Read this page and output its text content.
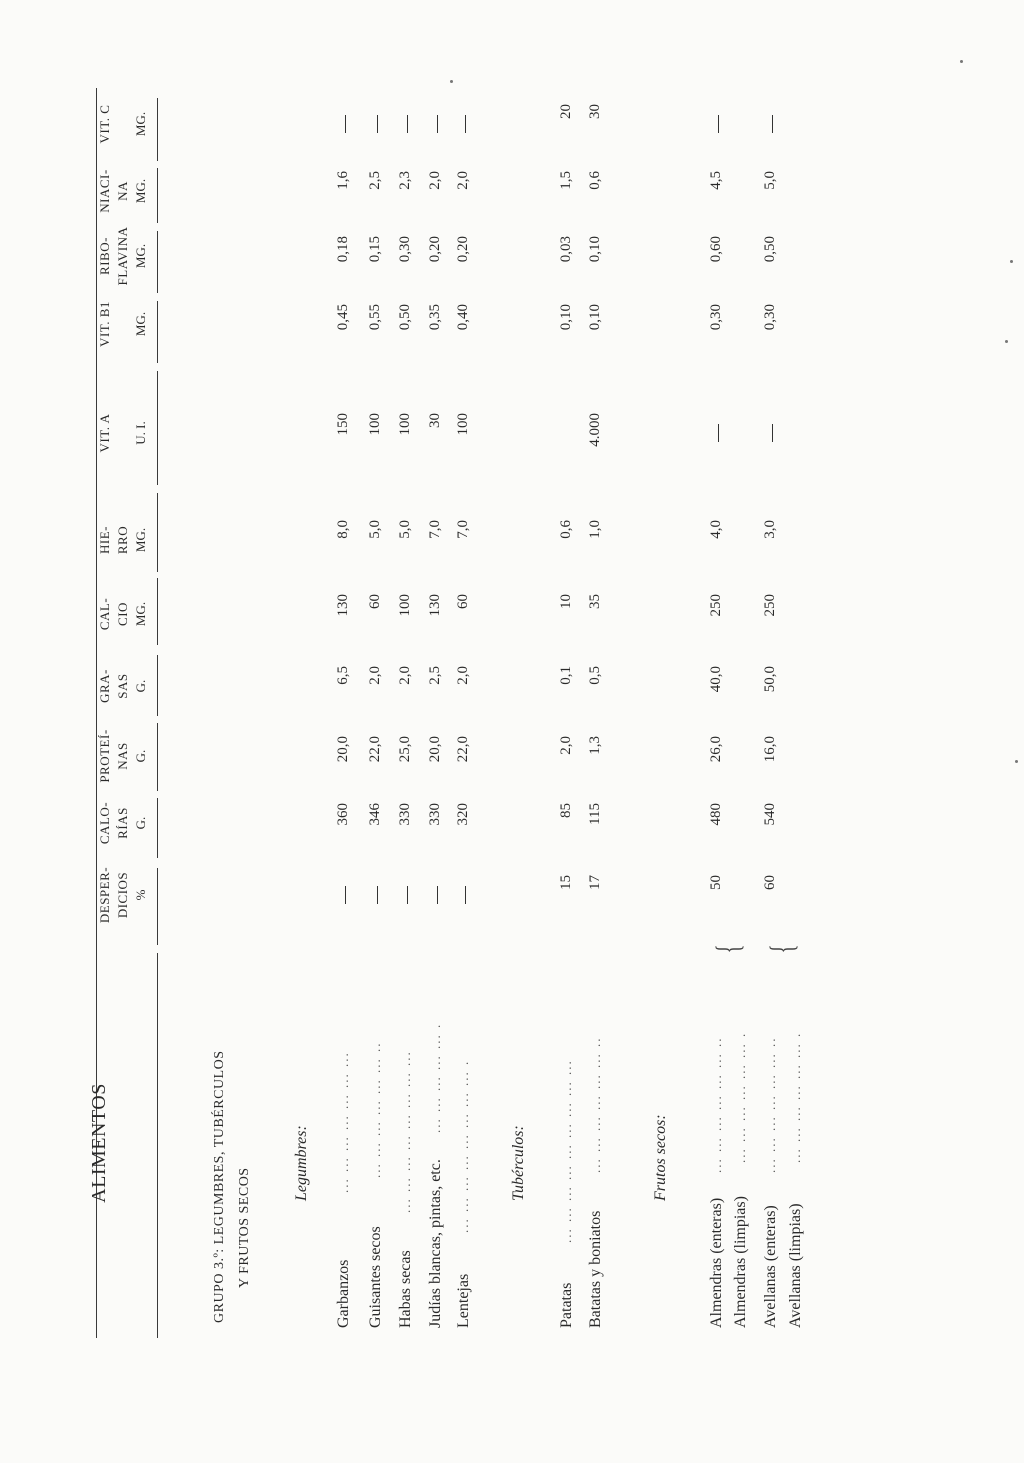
ALIMENTOS
DESPER- DICIOS %
CALO- RÍAS G.
PROTEÍ- NAS G.
GRA- SAS G.
CAL- CIO MG.
HIE- RRO MG.
VIT. A U. I.
VIT. B1 MG.
RIBO- FLAVINA MG.
NIACI- NA MG.
VIT. C MG.
GRUPO 3.º: LEGUMBRES, TUBÉRCULOS Y FRUTOS SECOS
Legumbres:
Garbanzos
360
20,0
6,5
130
8,0
150
0,45
0,18
1,6
Guisantes secos
346
22,0
2,0
60
5,0
100
0,55
0,15
2,5
Habas secas
330
25,0
2,0
100
5,0
100
0,50
0,30
2,3
Judías blancas, pintas, etc.
330
20,0
2,5
130
7,0
30
0,35
0,20
2,0
Lentejas
320
22,0
2,0
60
7,0
100
0,40
0,20
2,0
Tubérculos:
Patatas
15
85
2,0
0,1
10
0,6
0,10
0,03
1,5
20
Batatas y boniatos
17
115
1,3
0,5
35
1,0
4.000
0,10
0,10
0,6
30
Frutos secos:
Almendras (enteras)
50
480
26,0
40,0
250
4,0
0,30
0,60
4,5
Almendras (limpias) Avellanas (enteras)
60
540
16,0
50,0
250
3,0
0,30
0,50
5,0
Avellanas (limpias)
... ... ... ... ... ... ... ... ... ... ... ... ... .. ... ... ... ... ... ... ... ... ... ... ... ... ... . ... ... ... ... ... ... ... ... .	... ... ... ... ... ... ... ... ... ... ... ... ... ... ... ..	... ... ... ... ... ... .. ... ... ... ... ... ... . ... ... ... ... ... ... .. ... ... ... ... ... ... .
{ {
